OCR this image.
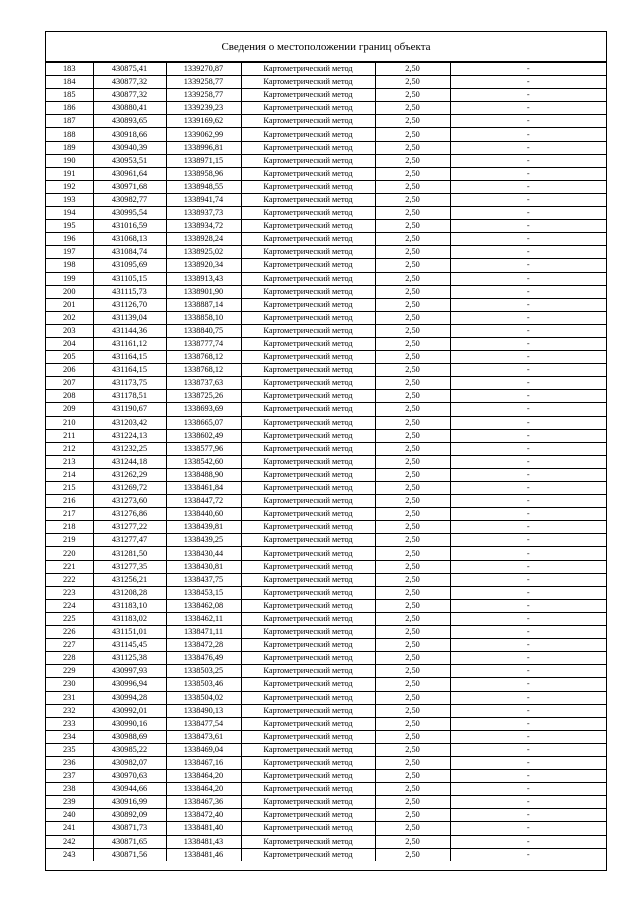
Сведения о местоположении границ объекта
183	430875,41	1339270,87	Картометрический метод	2,50	-
184	430877,32	1339258,77	Картометрический метод	2,50	-
185	430877,32	1339258,77	Картометрический метод	2,50	-
186	430880,41	1339239,23	Картометрический метод	2,50	-
187	430893,65	1339169,62	Картометрический метод	2,50	-
188	430918,66	1339062,99	Картометрический метод	2,50	-
189	430940,39	1338996,81	Картометрический метод	2,50	-
190	430953,51	1338971,15	Картометрический метод	2,50	-
191	430961,64	1338958,96	Картометрический метод	2,50	-
192	430971,68	1338948,55	Картометрический метод	2,50	-
193	430982,77	1338941,74	Картометрический метод	2,50	-
194	430995,54	1338937,73	Картометрический метод	2,50	-
195	431016,59	1338934,72	Картометрический метод	2,50	-
196	431068,13	1338928,24	Картометрический метод	2,50	-
197	431084,74	1338925,02	Картометрический метод	2,50	-
198	431095,69	1338920,34	Картометрический метод	2,50	-
199	431105,15	1338913,43	Картометрический метод	2,50	-
200	431115,73	1338901,90	Картометрический метод	2,50	-
201	431126,70	1338887,14	Картометрический метод	2,50	-
202	431139,04	1338858,10	Картометрический метод	2,50	-
203	431144,36	1338840,75	Картометрический метод	2,50	-
204	431161,12	1338777,74	Картометрический метод	2,50	-
205	431164,15	1338768,12	Картометрический метод	2,50	-
206	431164,15	1338768,12	Картометрический метод	2,50	-
207	431173,75	1338737,63	Картометрический метод	2,50	-
208	431178,51	1338725,26	Картометрический метод	2,50	-
209	431190,67	1338693,69	Картометрический метод	2,50	-
210	431203,42	1338665,07	Картометрический метод	2,50	-
211	431224,13	1338602,49	Картометрический метод	2,50	-
212	431232,25	1338577,96	Картометрический метод	2,50	-
213	431244,18	1338542,60	Картометрический метод	2,50	-
214	431262,29	1338488,90	Картометрический метод	2,50	-
215	431269,72	1338461,84	Картометрический метод	2,50	-
216	431273,60	1338447,72	Картометрический метод	2,50	-
217	431276,86	1338440,60	Картометрический метод	2,50	-
218	431277,22	1338439,81	Картометрический метод	2,50	-
219	431277,47	1338439,25	Картометрический метод	2,50	-
220	431281,50	1338430,44	Картометрический метод	2,50	-
221	431277,35	1338430,81	Картометрический метод	2,50	-
222	431256,21	1338437,75	Картометрический метод	2,50	-
223	431208,28	1338453,15	Картометрический метод	2,50	-
224	431183,10	1338462,08	Картометрический метод	2,50	-
225	431183,02	1338462,11	Картометрический метод	2,50	-
226	431151,01	1338471,11	Картометрический метод	2,50	-
227	431145,45	1338472,28	Картометрический метод	2,50	-
228	431125,38	1338476,49	Картометрический метод	2,50	-
229	430997,93	1338503,25	Картометрический метод	2,50	-
230	430996,94	1338503,46	Картометрический метод	2,50	-
231	430994,28	1338504,02	Картометрический метод	2,50	-
232	430992,01	1338490,13	Картометрический метод	2,50	-
233	430990,16	1338477,54	Картометрический метод	2,50	-
234	430988,69	1338473,61	Картометрический метод	2,50	-
235	430985,22	1338469,04	Картометрический метод	2,50	-
236	430982,07	1338467,16	Картометрический метод	2,50	-
237	430970,63	1338464,20	Картометрический метод	2,50	-
238	430944,66	1338464,20	Картометрический метод	2,50	-
239	430916,99	1338467,36	Картометрический метод	2,50	-
240	430892,09	1338472,40	Картометрический метод	2,50	-
241	430871,73	1338481,40	Картометрический метод	2,50	-
242	430871,65	1338481,43	Картометрический метод	2,50	-
243	430871,56	1338481,46	Картометрический метод	2,50	-
